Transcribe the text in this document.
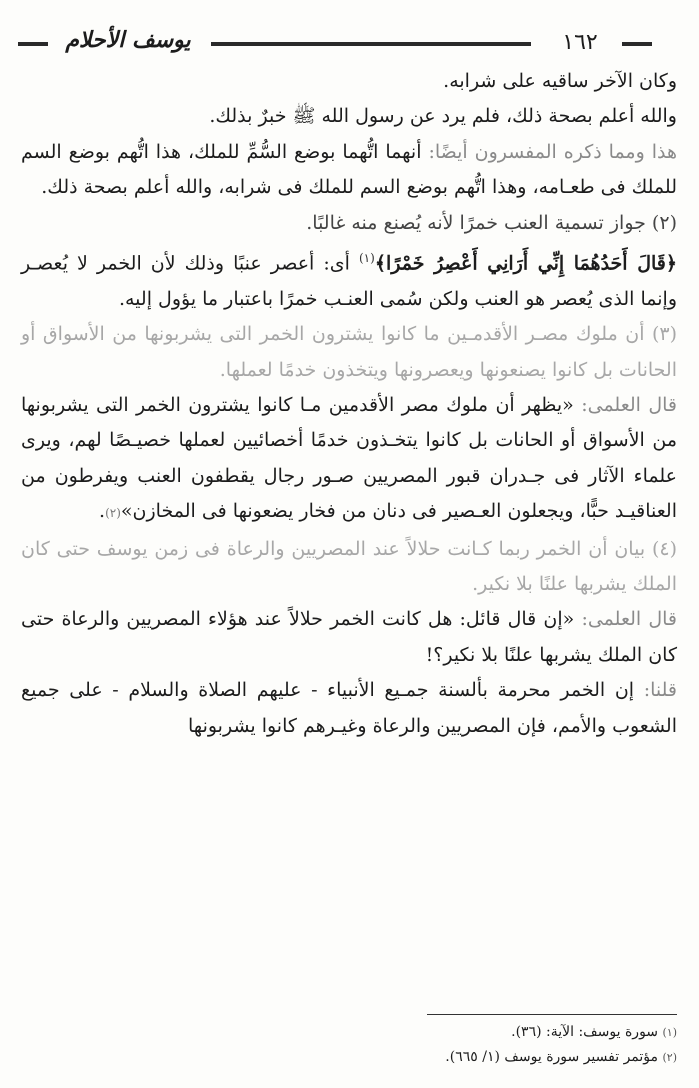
يوسف الأحلام	١٦٢

وكان الآخر ساقيه على شرابه.

والله أعلم بصحة ذلك، فلم يرد عن رسول الله ﷺ خبرٌ بذلك.

هذا ومما ذكره المفسرون أيضًا: أنهما اتُّهما بوضع السُّمِّ للملك، هذا اتُّهم بوضع السم للملك فى طعـامه، وهذا اتُّهم بوضع السم للملك فى شرابه، والله أعلم بصحة ذلك.

(٢) جواز تسمية العنب خمرًا لأنه يُصنع منه غالبًا.

﴿قَالَ أَحَدُهُمَا إِنِّي أَرَانِي أَعْصِرُ خَمْرًا﴾$^{(١)}$ أى: أعصر عنبًا وذلك لأن الخمر لا يُعصـر وإنما الذى يُعصر هو العنب ولكن سُمى العنـب خمرًا باعتبار ما يؤول إليه.

(٣) أن ملوك مصـر الأقدمـين ما كانوا يشترون الخمر التى يشربونها من الأسواق أو الحانات بل كانوا يصنعونها ويعصرونها ويتخذون خدمًا لعملها.

قال العلمى: «يظهر أن ملوك مصر الأقدمين مـا كانوا يشترون الخمر التى يشربونها من الأسواق أو الحانات بل كانوا يتخـذون خدمًا أخصائيين لعملها خصيـصًا لهم، ويرى علماء الآثار فى جـدران قبور المصريين صـور رجال يقطفون العنب ويفرطون من العناقيـد حبًّا، ويجعلون العـصير فى دنان من فخار يضعونها فى المخازن»(٢).

(٤) بيان أن الخمر ربما كـانت حلالاً عند المصريين والرعاة فى زمن يوسف حتى كان الملك يشربها علنًا بلا نكير.

قال العلمى: «إن قال قائل: هل كانت الخمر حلالاً عند هؤلاء المصريين والرعاة حتى كان الملك يشربها علنًا بلا نكير؟!

قلنا: إن الخمر محرمة بألسنة جمـيع الأنبياء - عليهم الصلاة والسلام - على جميع الشعوب والأمم، فإن المصريين والرعاة وغيـرهم كانوا يشربونها

(١) سورة يوسف: الآية: (٣٦).

(٢) مؤتمر تفسير سورة يوسف (١/ ٦٦٥).
